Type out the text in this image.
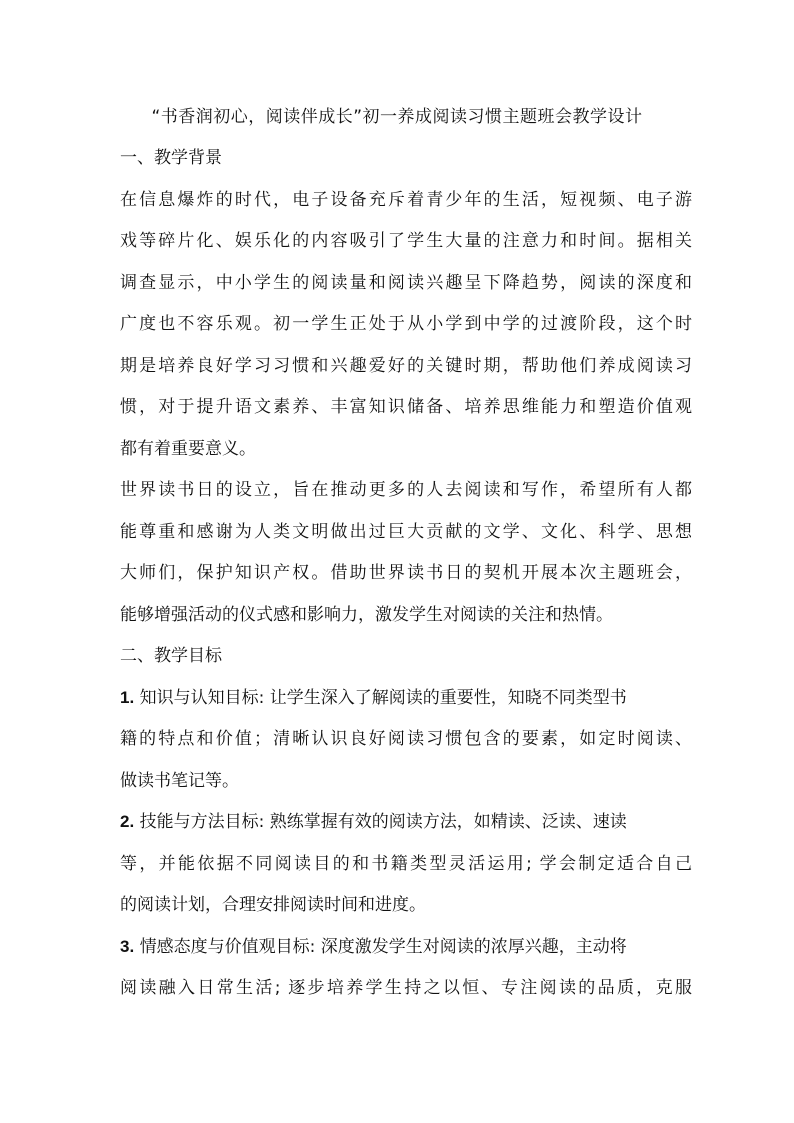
“书香润初心，阅读伴成长”初一养成阅读习惯主题班会教学设计
一、教学背景
在信息爆炸的时代，电子设备充斥着青少年的生活，短视频、电子游
戏等碎片化、娱乐化的内容吸引了学生大量的注意力和时间。据相关
调查显示，中小学生的阅读量和阅读兴趣呈下降趋势，阅读的深度和
广度也不容乐观。初一学生正处于从小学到中学的过渡阶段，这个时
期是培养良好学习习惯和兴趣爱好的关键时期，帮助他们养成阅读习
惯，对于提升语文素养、丰富知识储备、培养思维能力和塑造价值观
都有着重要意义。
世界读书日的设立，旨在推动更多的人去阅读和写作，希望所有人都
能尊重和感谢为人类文明做出过巨大贡献的文学、文化、科学、思想
大师们，保护知识产权。借助世界读书日的契机开展本次主题班会，
能够增强活动的仪式感和影响力，激发学生对阅读的关注和热情。
二、教学目标
1. 知识与认知目标: 让学生深入了解阅读的重要性，知晓不同类型书
籍的特点和价值；清晰认识良好阅读习惯包含的要素，如定时阅读、
做读书笔记等。
2. 技能与方法目标: 熟练掌握有效的阅读方法，如精读、泛读、速读
等，并能依据不同阅读目的和书籍类型灵活运用; 学会制定适合自己
的阅读计划，合理安排阅读时间和进度。
3. 情感态度与价值观目标: 深度激发学生对阅读的浓厚兴趣，主动将
阅读融入日常生活; 逐步培养学生持之以恒、专注阅读的品质，克服
